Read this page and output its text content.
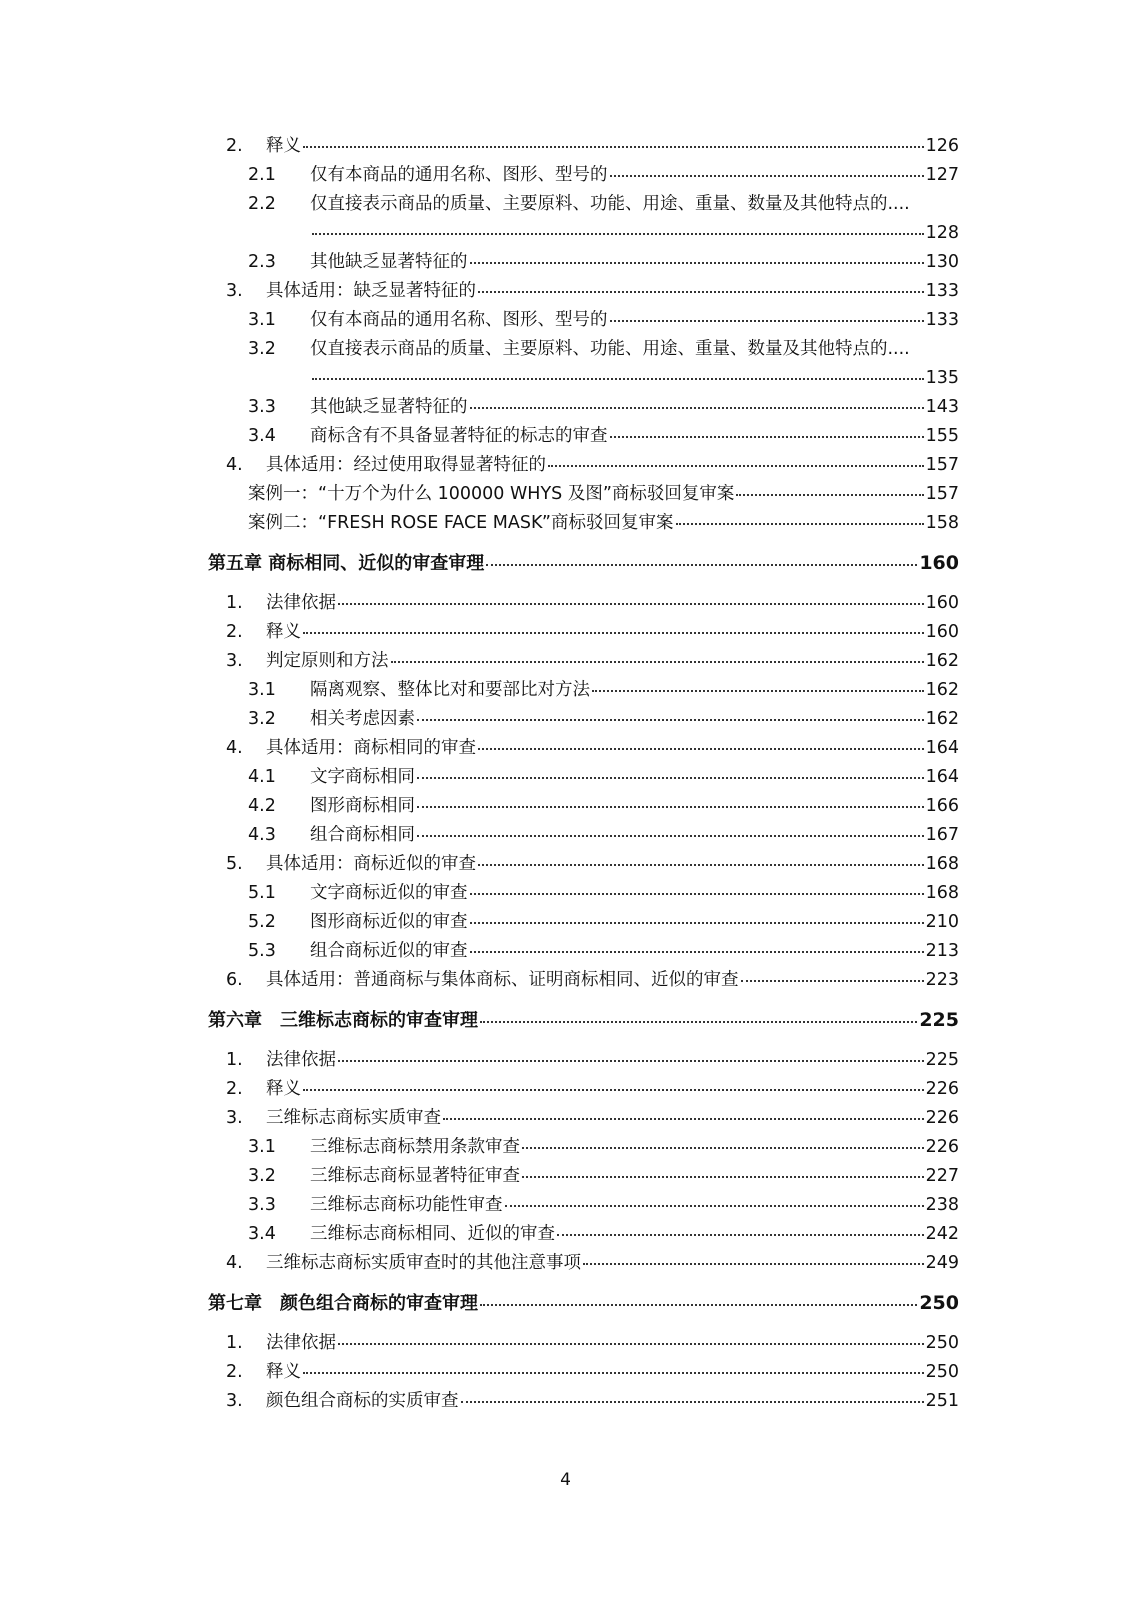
2.	释义	126
2.1	仅有本商品的通用名称、图形、型号的	127
2.2	仅直接表示商品的质量、主要原料、功能、用途、重量、数量及其他特点的....
128
2.3	其他缺乏显著特征的	130
3.	具体适用：缺乏显著特征的	133
3.1	仅有本商品的通用名称、图形、型号的	133
3.2	仅直接表示商品的质量、主要原料、功能、用途、重量、数量及其他特点的....
135
3.3	其他缺乏显著特征的	143
3.4	商标含有不具备显著特征的标志的审查	155
4.	具体适用：经过使用取得显著特征的	157
案例一：“十万个为什么 100000 WHYS 及图”商标驳回复审案	157
案例二：“FRESH ROSE FACE MASK”商标驳回复审案	158
第五章 商标相同、近似的审查审理	160
1.	法律依据	160
2.	释义	160
3.	判定原则和方法	162
3.1	隔离观察、整体比对和要部比对方法	162
3.2	相关考虑因素	162
4.	具体适用：商标相同的审查	164
4.1	文字商标相同	164
4.2	图形商标相同	166
4.3	组合商标相同	167
5.	具体适用：商标近似的审查	168
5.1	文字商标近似的审查	168
5.2	图形商标近似的审查	210
5.3	组合商标近似的审查	213
6.	具体适用：普通商标与集体商标、证明商标相同、近似的审查	223
第六章　三维标志商标的审查审理	225
1.	法律依据	225
2.	释义	226
3.	三维标志商标实质审查	226
3.1	三维标志商标禁用条款审查	226
3.2	三维标志商标显著特征审查	227
3.3	三维标志商标功能性审查	238
3.4	三维标志商标相同、近似的审查	242
4.	三维标志商标实质审查时的其他注意事项	249
第七章　颜色组合商标的审查审理	250
1.	法律依据	250
2.	释义	250
3.	颜色组合商标的实质审查	251
4
